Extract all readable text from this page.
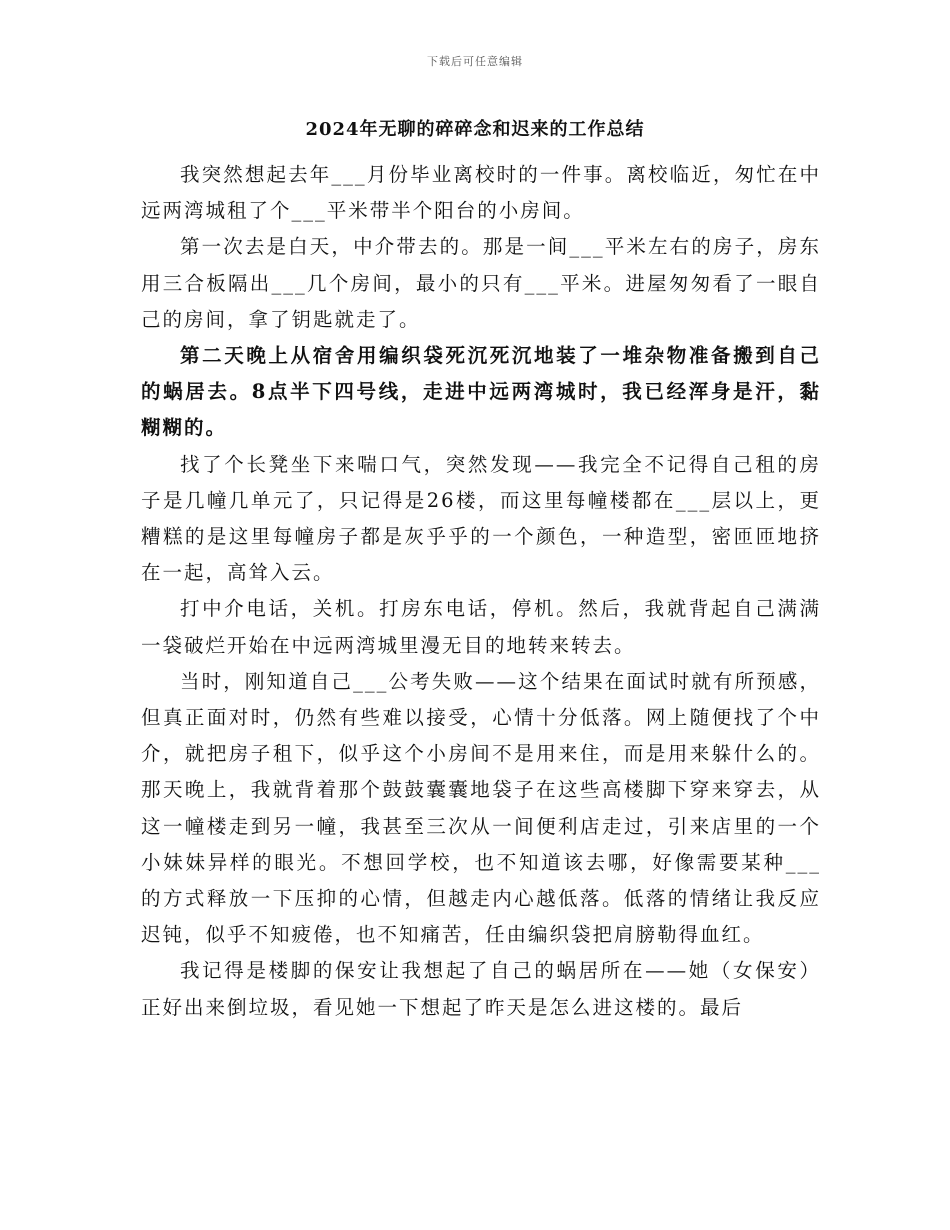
下载后可任意编辑
2024年无聊的碎碎念和迟来的工作总结

我突然想起去年___月份毕业离校时的一件事。离校临近，匆忙在中远两湾城租了个___平米带半个阳台的小房间。

第一次去是白天，中介带去的。那是一间___平米左右的房子，房东用三合板隔出___几个房间，最小的只有___平米。进屋匆匆看了一眼自己的房间，拿了钥匙就走了。

第二天晚上从宿舍用编织袋死沉死沉地装了一堆杂物准备搬到自己的蜗居去。8点半下四号线，走进中远两湾城时，我已经浑身是汗，黏糊糊的。

找了个长凳坐下来喘口气，突然发现——我完全不记得自己租的房子是几幢几单元了，只记得是26楼，而这里每幢楼都在___层以上，更糟糕的是这里每幢房子都是灰乎乎的一个颜色，一种造型，密匝匝地挤在一起，高耸入云。

打中介电话，关机。打房东电话，停机。然后，我就背起自己满满一袋破烂开始在中远两湾城里漫无目的地转来转去。

当时，刚知道自己___公考失败——这个结果在面试时就有所预感，但真正面对时，仍然有些难以接受，心情十分低落。网上随便找了个中介，就把房子租下，似乎这个小房间不是用来住，而是用来躲什么的。那天晚上，我就背着那个鼓鼓囊囊地袋子在这些高楼脚下穿来穿去，从这一幢楼走到另一幢，我甚至三次从一间便利店走过，引来店里的一个小妹妹异样的眼光。不想回学校，也不知道该去哪，好像需要某种___的方式释放一下压抑的心情，但越走内心越低落。低落的情绪让我反应迟钝，似乎不知疲倦，也不知痛苦，任由编织袋把肩膀勒得血红。

我记得是楼脚的保安让我想起了自己的蜗居所在——她（女保安）正好出来倒垃圾，看见她一下想起了昨天是怎么进这楼的。最后
